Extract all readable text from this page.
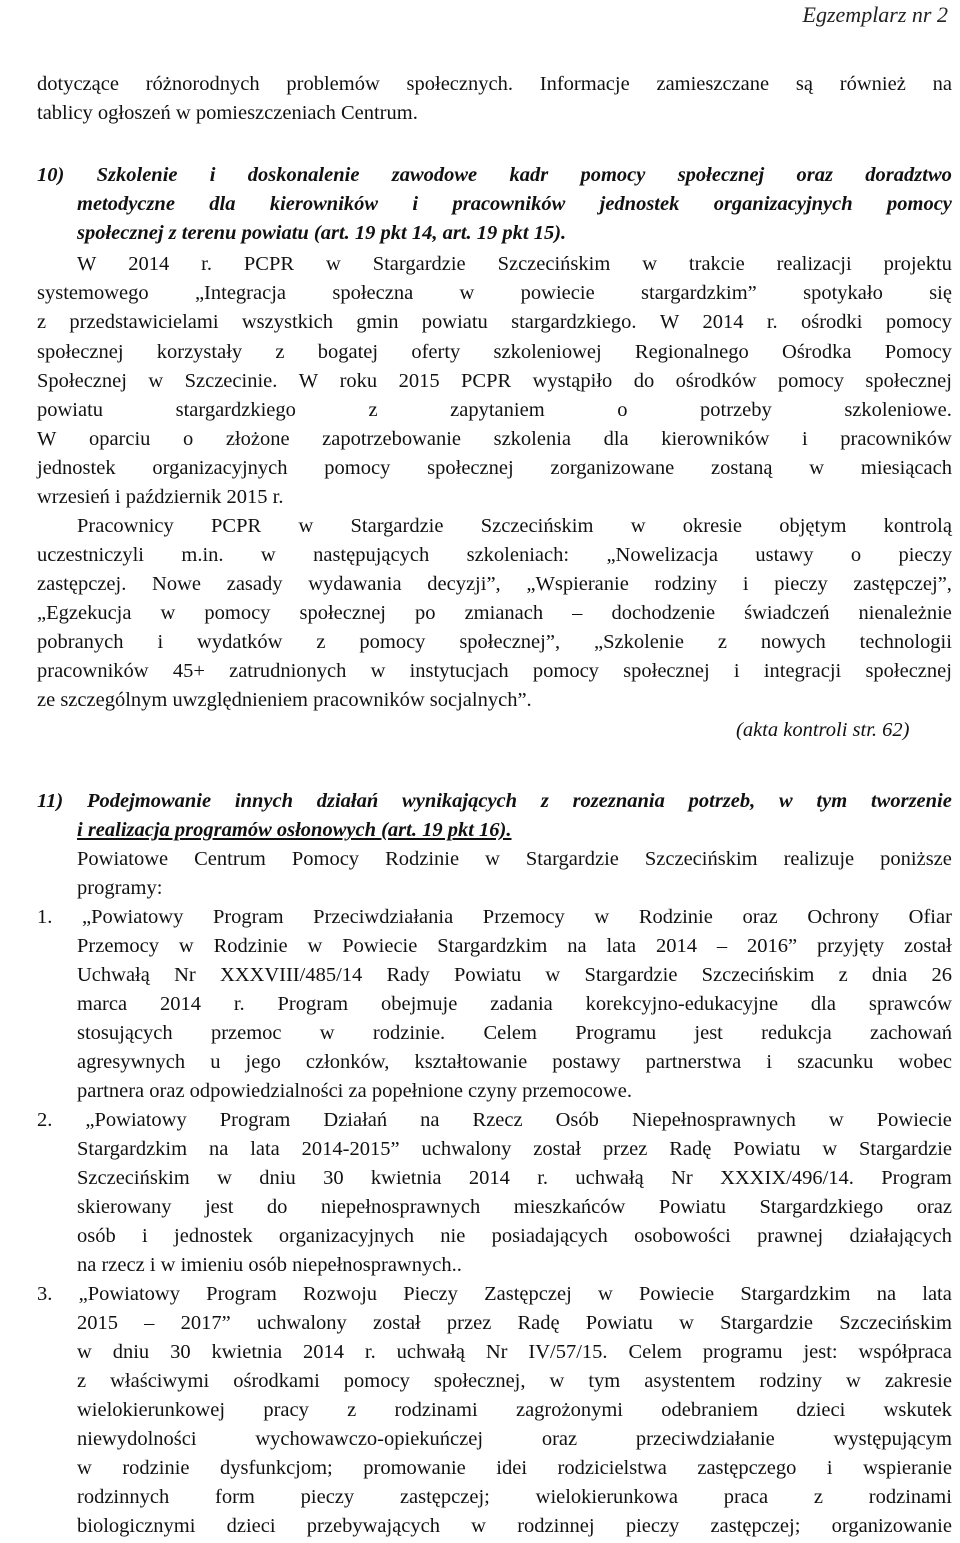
Egzemplarz nr 2
dotyczące różnorodnych problemów społecznych. Informacje zamieszczane są również na
tablicy ogłoszeń w pomieszczeniach Centrum.
10) Szkolenie i doskonalenie zawodowe kadr pomocy społecznej oraz doradztwo
metodyczne dla kierowników i pracowników jednostek organizacyjnych pomocy
społecznej z terenu powiatu (art. 19 pkt 14, art. 19 pkt 15).
W 2014 r. PCPR w Stargardzie Szczecińskim w trakcie realizacji projektu
systemowego „Integracja społeczna w powiecie stargardzkim” spotykało się
z przedstawicielami wszystkich gmin powiatu stargardzkiego. W 2014 r. ośrodki pomocy
społecznej korzystały z bogatej oferty szkoleniowej Regionalnego Ośrodka Pomocy
Społecznej w Szczecinie. W roku 2015 PCPR wystąpiło do ośrodków pomocy społecznej
powiatu	stargardzkiego	z	zapytaniem	o	potrzeby	szkoleniowe.
W oparciu o złożone zapotrzebowanie szkolenia dla kierowników i pracowników
jednostek organizacyjnych pomocy społecznej zorganizowane zostaną w miesiącach
wrzesień i październik 2015 r.
Pracownicy PCPR w Stargardzie Szczecińskim w okresie objętym kontrolą
uczestniczyli m.in. w następujących szkoleniach: „Nowelizacja ustawy o pieczy
zastępczej. Nowe zasady wydawania decyzji”, „Wspieranie rodziny i pieczy zastępczej”,
„Egzekucja w pomocy społecznej po zmianach – dochodzenie świadczeń nienależnie
pobranych i wydatków z pomocy społecznej”, „Szkolenie z nowych technologii
pracowników 45+ zatrudnionych w instytucjach pomocy społecznej i integracji społecznej
ze szczególnym uwzględnieniem pracowników socjalnych”.
(akta kontroli str. 62)
11) Podejmowanie innych działań wynikających z rozeznania potrzeb, w tym tworzenie
i realizacja programów osłonowych (art. 19 pkt 16).
Powiatowe Centrum Pomocy Rodzinie w Stargardzie Szczecińskim realizuje poniższe
programy:
1. „Powiatowy Program Przeciwdziałania Przemocy w Rodzinie oraz Ochrony Ofiar
Przemocy w Rodzinie w Powiecie Stargardzkim na lata 2014 – 2016” przyjęty został
Uchwałą Nr XXXVIII/485/14 Rady Powiatu w Stargardzie Szczecińskim z dnia 26
marca 2014 r. Program obejmuje zadania korekcyjno-edukacyjne dla sprawców
stosujących przemoc w rodzinie. Celem Programu jest redukcja zachowań
agresywnych u jego członków, kształtowanie postawy partnerstwa i szacunku wobec
partnera oraz odpowiedzialności za popełnione czyny przemocowe.
2. „Powiatowy Program Działań na Rzecz Osób Niepełnosprawnych w Powiecie
Stargardzkim na lata 2014-2015” uchwalony został przez Radę Powiatu w Stargardzie
Szczecińskim w dniu 30 kwietnia 2014 r. uchwałą Nr XXXIX/496/14. Program
skierowany jest do niepełnosprawnych mieszkańców Powiatu Stargardzkiego oraz
osób i jednostek organizacyjnych nie posiadających osobowości prawnej działających
na rzecz i w imieniu osób niepełnosprawnych..
3. „Powiatowy Program Rozwoju Pieczy Zastępczej w Powiecie Stargardzkim na lata
2015 – 2017” uchwalony został przez Radę Powiatu w Stargardzie Szczecińskim
w dniu 30 kwietnia 2014 r. uchwałą Nr IV/57/15. Celem programu jest: współpraca
z właściwymi ośrodkami pomocy społecznej, w tym asystentem rodziny w zakresie
wielokierunkowej pracy z rodzinami zagrożonymi odebraniem dzieci wskutek
niewydolności	wychowawczo-opiekuńczej	oraz	przeciwdziałanie	występującym
w rodzinie dysfunkcjom; promowanie idei rodzicielstwa zastępczego i wspieranie
rodzinnych form pieczy zastępczej; wielokierunkowa praca z rodzinami
biologicznymi dzieci przebywających w rodzinnej pieczy zastępczej; organizowanie
